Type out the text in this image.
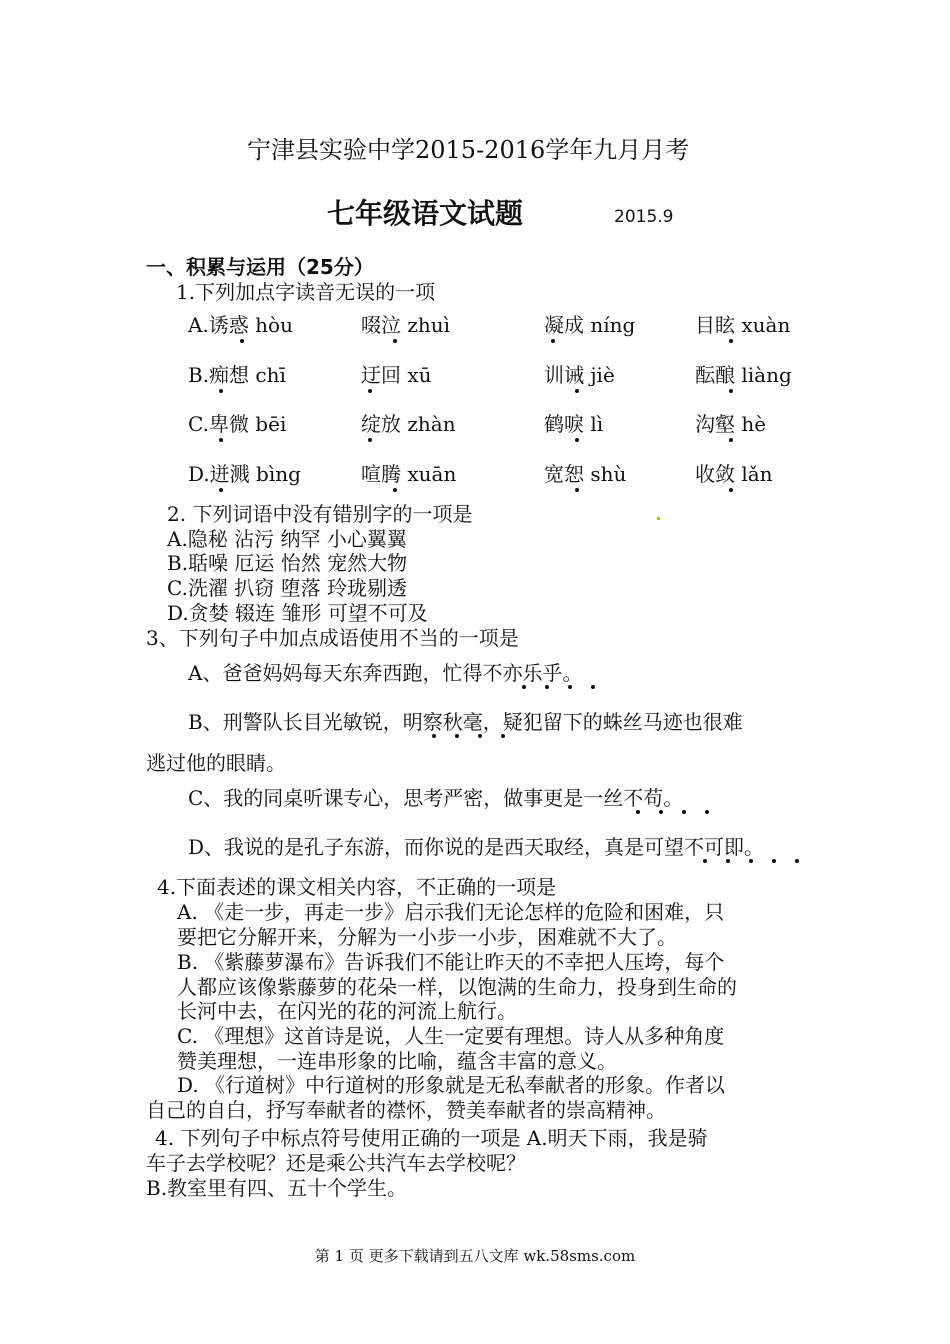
宁津县实验中学2015-2016学年九月月考
七年级语文试题	2015.9
一、积累与运用（25分）
1.下列加点字读音无误的一项
A.诱惑 hòu	啜泣 zhuì	凝成 níng	目眩 xuàn
B.痴想 chī	迂回 xū	训诫 jiè	酝酿 liàng
C.卑微 bēi	绽放 zhàn	鹤唳 lì	沟壑 hè
D.迸溅 bìng	喧腾 xuān	宽恕 shù	收敛 lǎn
2. 下列词语中没有错别字的一项是
A.隐秘 沾污 纳罕 小心翼翼
B.聒噪 厄运 怡然 宠然大物
C.洗濯 扒窃 堕落 玲珑剔透
D.贪婪 辍连 雏形 可望不可及
3、下列句子中加点成语使用不当的一项是
A、爸爸妈妈每天东奔西跑，忙得不亦乐乎。
B、刑警队长目光敏锐，明察秋毫，疑犯留下的蛛丝马迹也很难
逃过他的眼睛。
C、我的同桌听课专心，思考严密，做事更是一丝不苟。
D、我说的是孔子东游，而你说的是西天取经，真是可望不可即。
4.下面表述的课文相关内容，不正确的一项是
A. 《走一步，再走一步》启示我们无论怎样的危险和困难，只
要把它分解开来，分解为一小步一小步，困难就不大了。
B. 《紫藤萝瀑布》告诉我们不能让昨天的不幸把人压垮，每个
人都应该像紫藤萝的花朵一样，以饱满的生命力，投身到生命的
长河中去，在闪光的花的河流上航行。
C. 《理想》这首诗是说，人生一定要有理想。诗人从多种角度
赞美理想，一连串形象的比喻，蕴含丰富的意义。
D. 《行道树》中行道树的形象就是无私奉献者的形象。作者以
自己的自白，抒写奉献者的襟怀，赞美奉献者的崇高精神。
4. 下列句子中标点符号使用正确的一项是 A.明天下雨，我是骑
车子去学校呢？还是乘公共汽车去学校呢？
B.教室里有四、五十个学生。
第 1 页 更多下载请到五八文库 wk.58sms.com
